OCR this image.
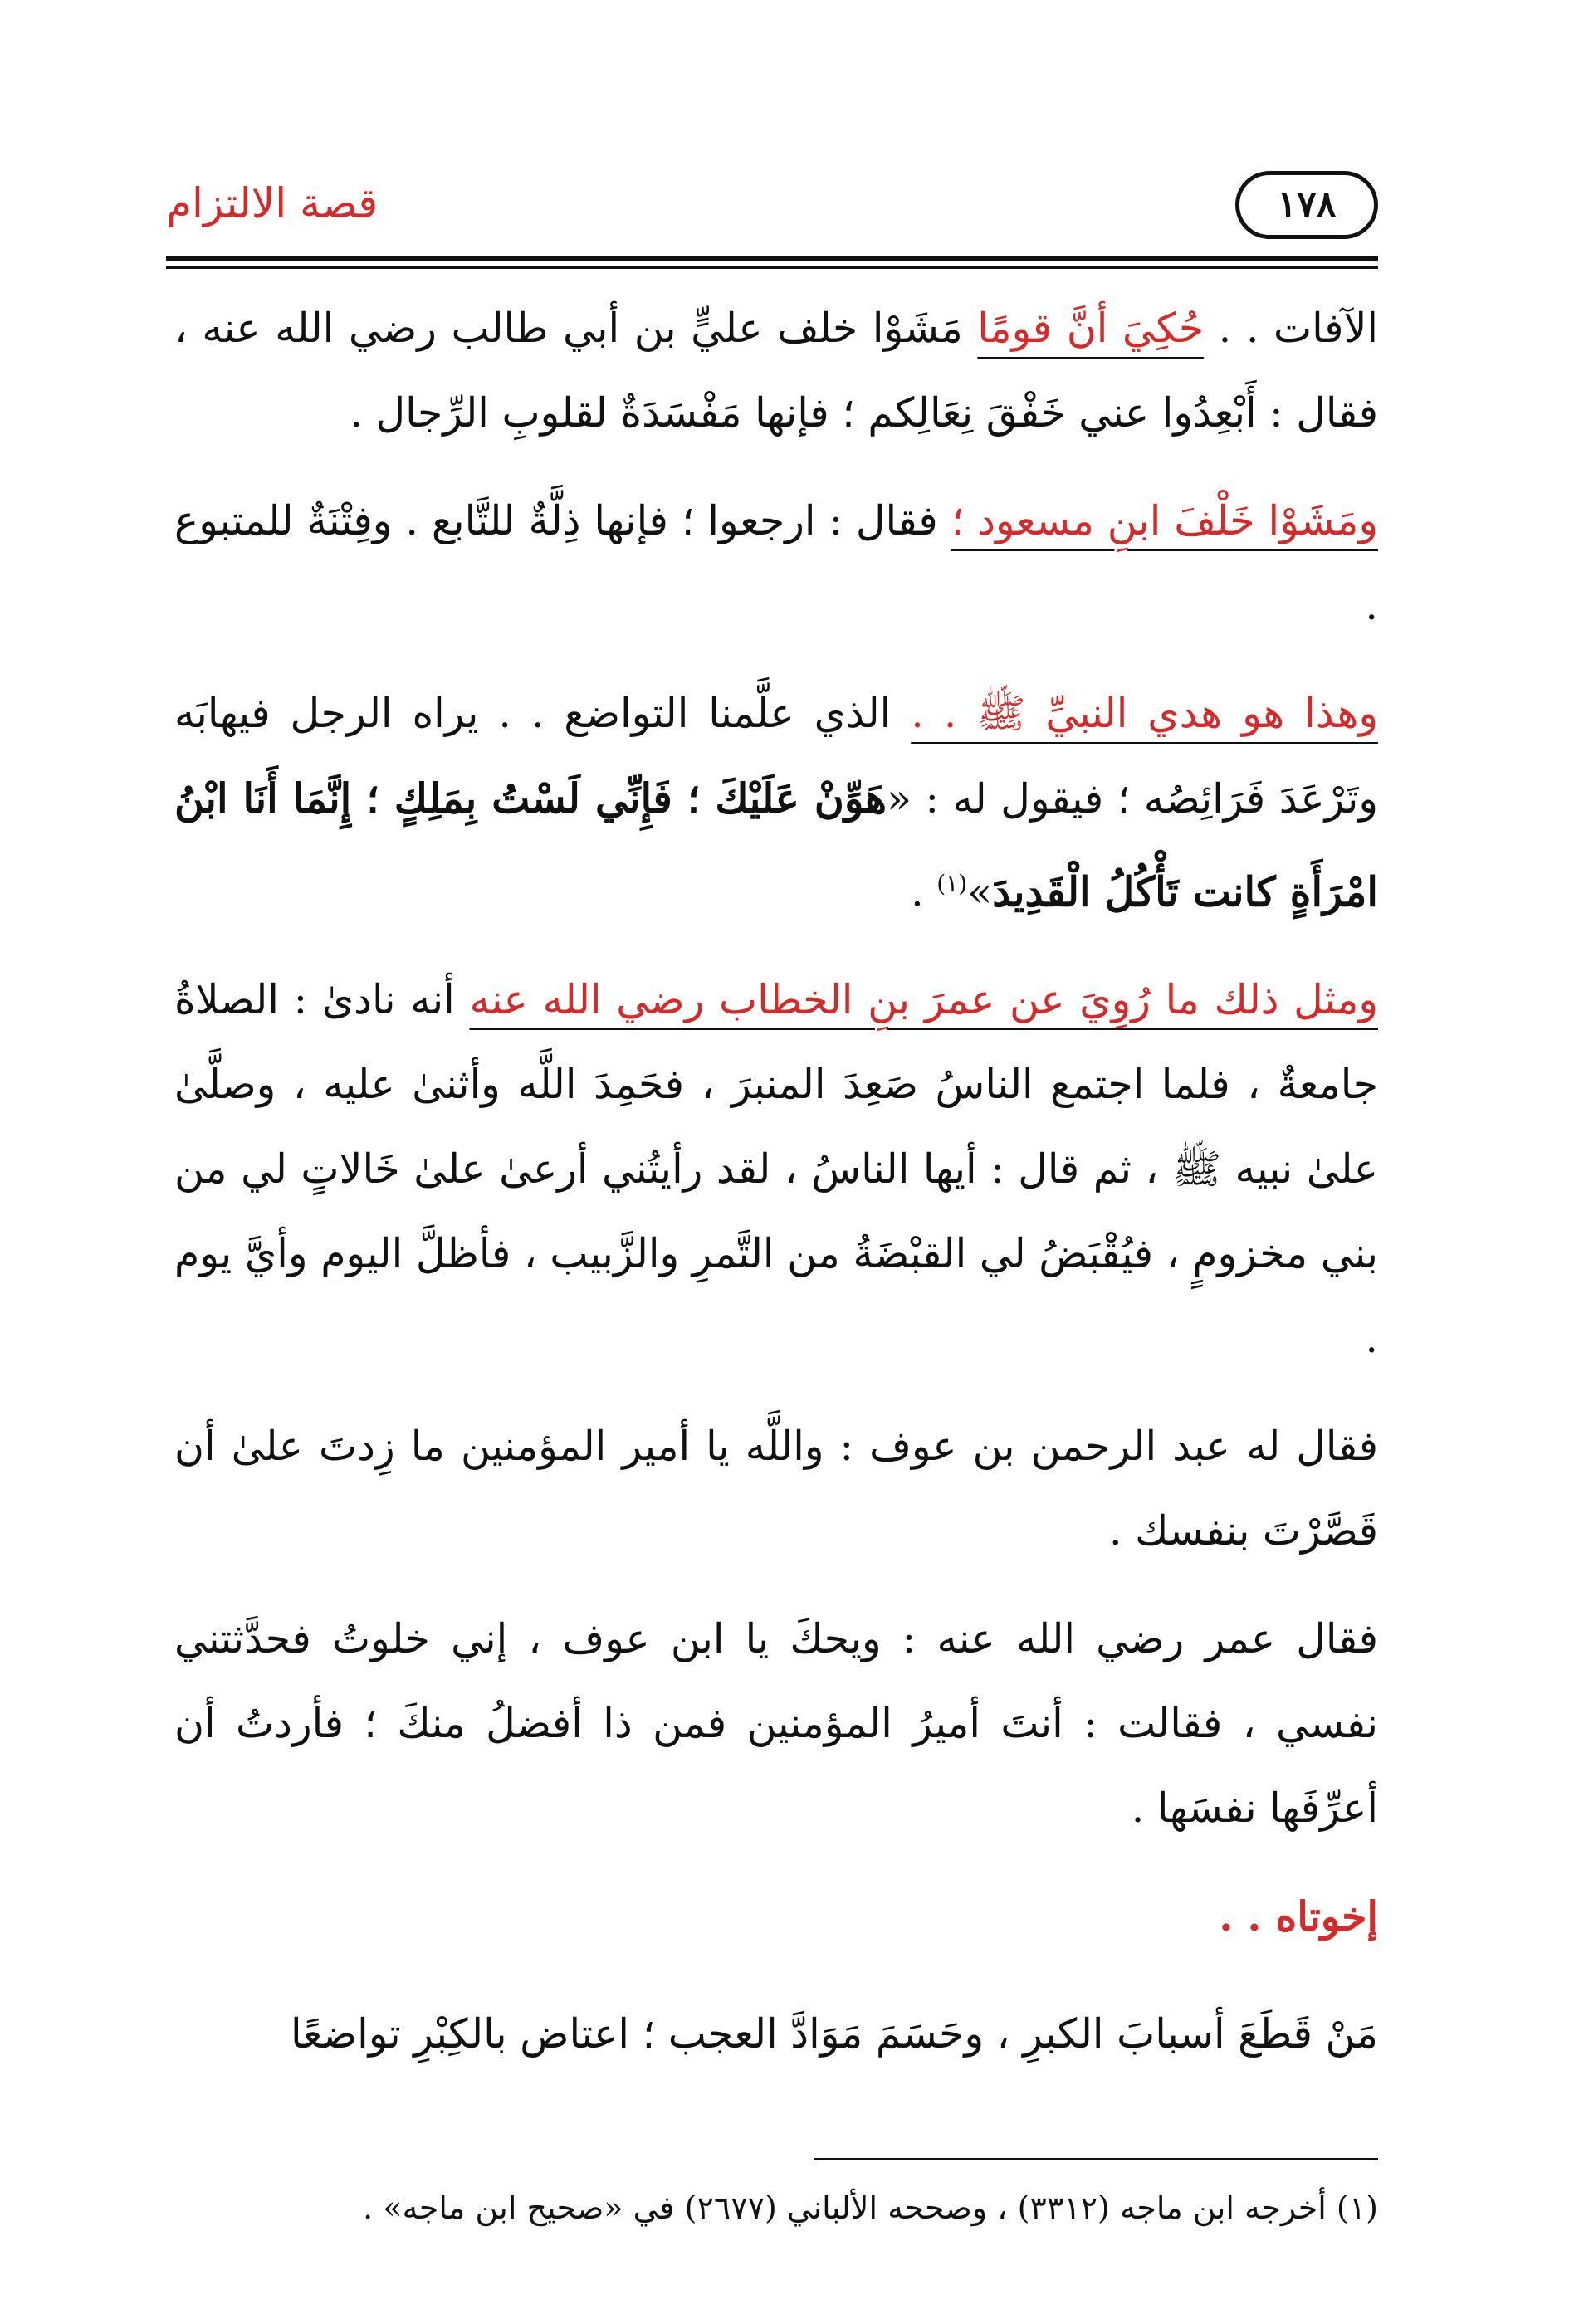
قصة الالتزام	١٧٨

الآفات . . حُكِيَ أنَّ قومًا مَشَوْا خلف عليٍّ بن أبي طالب رضي الله عنه ، فقال : أَبْعِدُوا عني خَفْقَ نِعَالِكم ؛ فإنها مَفْسَدَةٌ لقلوبِ الرِّجال .

ومَشَوْا خَلْفَ ابنِ مسعود ؛ فقال : ارجعوا ؛ فإنها ذِلَّةٌ للتَّابع . وفِتْنَةٌ للمتبوع .

وهذا هو هدي النبيِّ ﷺ . . الذي علَّمنا التواضع . . يراه الرجل فيهابَه وتَرْعَدَ فَرَائِصُه ؛ فيقول له : «هَوِّنْ عَلَيْكَ ؛ فَإِنِّي لَسْتُ بِمَلِكٍ ؛ إِنَّمَا أَنَا ابْنُ امْرَأَةٍ كانت تَأْكُلُ الْقَدِيدَ»$^{(١)}$ .

ومثل ذلك ما رُوِيَ عن عمرَ بنِ الخطاب رضي الله عنه أنه نادىٰ : الصلاةُ جامعةٌ ، فلما اجتمع الناسُ صَعِدَ المنبرَ ، فحَمِدَ اللَّه وأثنىٰ عليه ، وصلَّىٰ علىٰ نبيه ﷺ ، ثم قال : أيها الناسُ ، لقد رأيتُني أرعىٰ علىٰ خَالاتٍ لي من بني مخزومٍ ، فيُقْبَضُ لي القبْضَةُ من التَّمرِ والزَّبيب ، فأظلَّ اليوم وأيَّ يوم .

فقال له عبد الرحمن بن عوف : واللَّه يا أمير المؤمنين ما زِدتَ علىٰ أن قَصَّرْتَ بنفسك .

فقال عمر رضي الله عنه : ويحكَ يا ابن عوف ، إني خلوتُ فحدَّثتني نفسي ، فقالت : أنتَ أميرُ المؤمنين فمن ذا أفضلُ منكَ ؛ فأردتُ أن أعرِّفَها نفسَها .

إخوتاه . .

مَنْ قَطَعَ أسبابَ الكبرِ ، وحَسَمَ مَوَادَّ العجب ؛ اعتاض بالكِبْرِ تواضعًا

(١) أخرجه ابن ماجه (٣٣١٢) ، وصححه الألباني (٢٦٧٧) في «صحيح ابن ماجه» .
